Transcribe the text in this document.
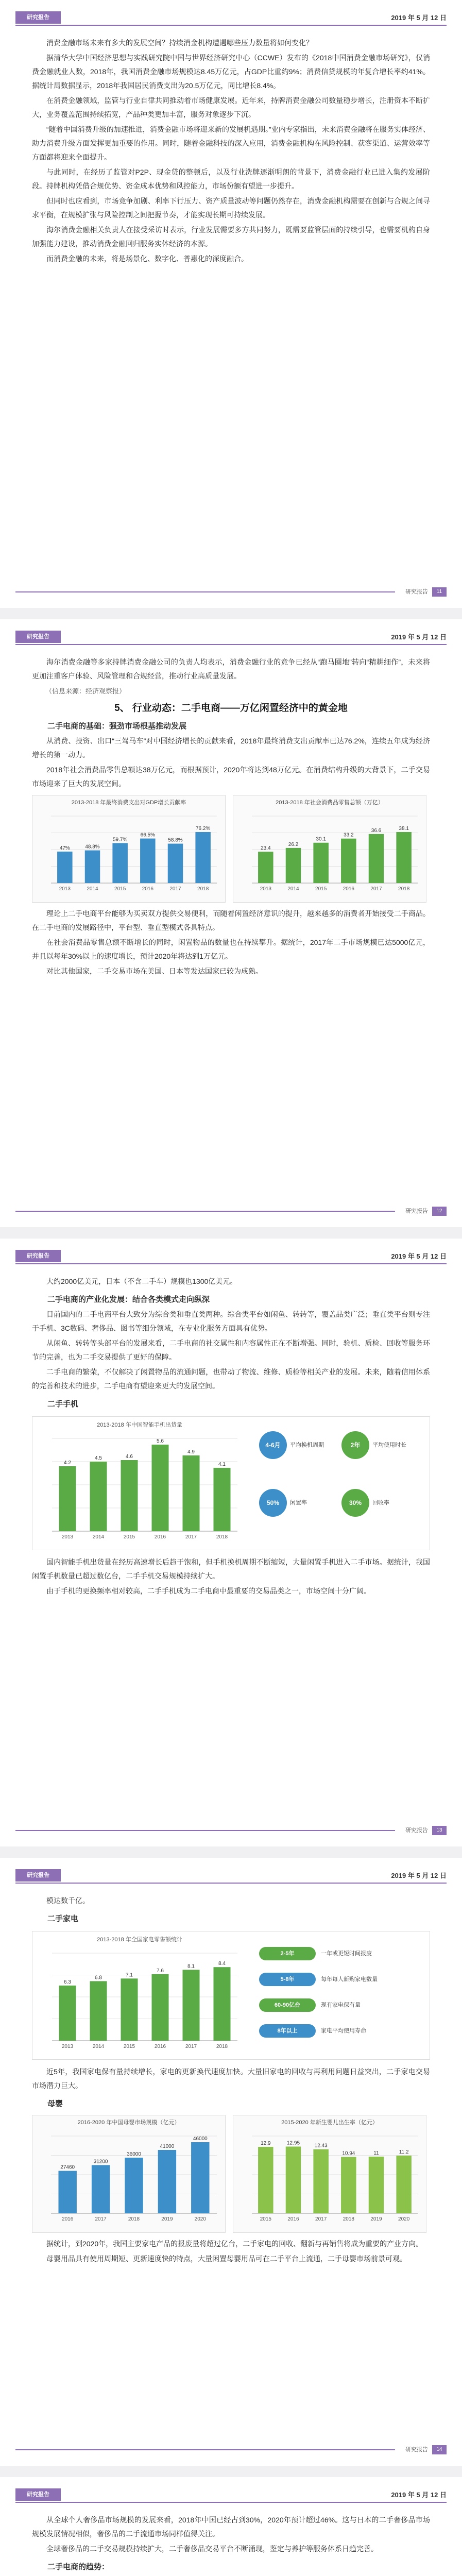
研究报告	2019 年 5 月 12 日

消费金融市场未来有多大的发展空间？持续消金机构遭遇哪些压力数量将如何变化？

据清华大学中国经济思想与实践研究院中国与世界经济研究中心（CCWE）发布的《2018中国消费金融市场研究》，仅消费金融就业人数，2018年，我国消费金融市场规模达8.45万亿元，占GDP比重约9%；消费信贷规模的年复合增长率约41%。据统计局数据显示，2018年我国居民消费支出为20.5万亿元，同比增长8.4%。

在消费金融领域，监管与行业自律共同推动着市场健康发展。近年来，持牌消费金融公司数量稳步增长，注册资本不断扩大，业务覆盖范围持续拓宽，产品种类更加丰富，服务对象逐步下沉。

“随着中国消费升级的加速推进，消费金融市场将迎来新的发展机遇期。”业内专家指出，未来消费金融将在服务实体经济、助力消费升级方面发挥更加重要的作用。同时，随着金融科技的深入应用，消费金融机构在风险控制、获客渠道、运营效率等方面都将迎来全面提升。

与此同时，在经历了监管对P2P、现金贷的整顿后，以及行业洗牌逐渐明朗的背景下，消费金融行业已进入集约发展阶段。持牌机构凭借合规优势、资金成本优势和风控能力，市场份额有望进一步提升。

但同时也应看到，市场竞争加剧、利率下行压力、资产质量波动等问题仍然存在，消费金融机构需要在创新与合规之间寻求平衡，在规模扩张与风险控制之间把握节奏，才能实现长期可持续发展。

海尔消费金融相关负责人在接受采访时表示，行业发展需要多方共同努力，既需要监管层面的持续引导，也需要机构自身加强能力建设，推动消费金融回归服务实体经济的本源。

而消费金融的未来，将是场景化、数字化、普惠化的深度融合。

研究报告	11
研究报告	2019 年 5 月 12 日

海尔消费金融等多家持牌消费金融公司的负责人均表示，消费金融行业的竞争已经从“跑马圈地”转向“精耕细作”，未来将更加注重客户体验、风险管理和合规经营，推动行业高质量发展。

（信息来源：经济观察报）

5、 行业动态：二手电商——万亿闲置经济中的黄金地

二手电商的基础：强劲市场根基推动发展

从消费、投资、出口“三驾马车”对中国经济增长的贡献来看，2018年最终消费支出贡献率已达76.2%，连续五年成为经济增长的第一动力。

2018年社会消费品零售总额达38万亿元，而根据预计，2020年将达到48万亿元。在消费结构升级的大背景下，二手交易市场迎来了巨大的发展空间。

2013-2018 年最终消费支出对GDP增长贡献率
47%
2013
48.8%
2014
59.7%
2015
66.5%
2016
58.8%
2017
76.2%
2018
2013-2018 年社会消费品零售总额（万亿）
23.4
2013
26.2
2014
30.1
2015
33.2
2016
36.6
2017
38.1
2018

理论上二手电商平台能够为买卖双方提供交易便利，而随着闲置经济意识的提升，越来越多的消费者开始接受二手商品。在二手电商的发展路径中，平台型、垂直型模式各具特点。

在社会消费品零售总额不断增长的同时，闲置物品的数量也在持续攀升。据统计，2017年二手市场规模已达5000亿元，并且以每年30%以上的速度增长，预计2020年将达到1万亿元。

对比其他国家，二手交易市场在美国、日本等发达国家已较为成熟。

研究报告	12
研究报告	2019 年 5 月 12 日

大约2000亿美元，日本（不含二手车）规模也1300亿美元。

二手电商的产业化发展：结合各类模式走向纵深

目前国内的二手电商平台大致分为综合类和垂直类两种。综合类平台如闲鱼、转转等，覆盖品类广泛；垂直类平台则专注于手机、3C数码、奢侈品、图书等细分领域，在专业化服务方面具有优势。

从闲鱼、转转等头部平台的发展来看，二手电商的社交属性和内容属性正在不断增强。同时，验机、质检、回收等服务环节的完善，也为二手交易提供了更好的保障。

二手电商的繁荣，不仅解决了闲置物品的流通问题，也带动了物流、维修、质检等相关产业的发展。未来，随着信用体系的完善和技术的进步，二手电商有望迎来更大的发展空间。

二手手机

2013-2018 年中国智能手机出货量
4.2
2013
4.5
2014
4.6
2015
5.6
2016
4.9
2017
4.1
2018
4-6月	平均换机周期	2年	平均使用时长
50%	闲置率	30%	回收率

国内智能手机出货量在经历高速增长后趋于饱和，但手机换机周期不断缩短，大量闲置手机进入二手市场。据统计，我国闲置手机数量已超过数亿台，二手手机交易规模持续扩大。

由于手机的更换频率相对较高，二手手机成为二手电商中最重要的交易品类之一，市场空间十分广阔。

研究报告	13
研究报告	2019 年 5 月 12 日

模达数千亿。

二手家电

2013-2018 年全国家电零售额统计
6.3
2013
6.8
2014
7.1
2015
7.6
2016
8.1
2017
8.4
2018
2-5年	一年或更短时间报废
5-8年	每年每人新购家电数量
60-90亿台	现有家电保有量
8年以上	家电平均使用寿命

近5年，我国家电保有量持续增长，家电的更新换代速度加快。大量旧家电的回收与再利用问题日益突出，二手家电交易市场潜力巨大。

母婴

2016-2020 年中国母婴市场规模（亿元）
27460
2016
31200
2017
36000
2018
41000
2019
46000
2020
2015-2020 年新生婴儿出生率（亿元）
12.9
2015
12.95
2016
12.43
2017
10.94
2018
11
2019
11.2
2020

据统计，到2020年，我国主要家电产品的报废量将超过亿台，二手家电的回收、翻新与再销售将成为重要的产业方向。

母婴用品具有使用周期短、更新速度快的特点，大量闲置母婴用品可在二手平台上流通，二手母婴市场前景可观。

研究报告	14
研究报告	2019 年 5 月 12 日

从全球个人奢侈品市场规模的发展来看，2018年中国已经占到30%，2020年预计超过46%。这与日本的二手奢侈品市场规模发展情况相似，奢侈品的二手流通市场同样值得关注。

全球奢侈品的二手交易规模持续扩大，二手奢侈品交易平台不断涌现，鉴定与养护等服务体系日趋完善。

二手电商的趋势：
